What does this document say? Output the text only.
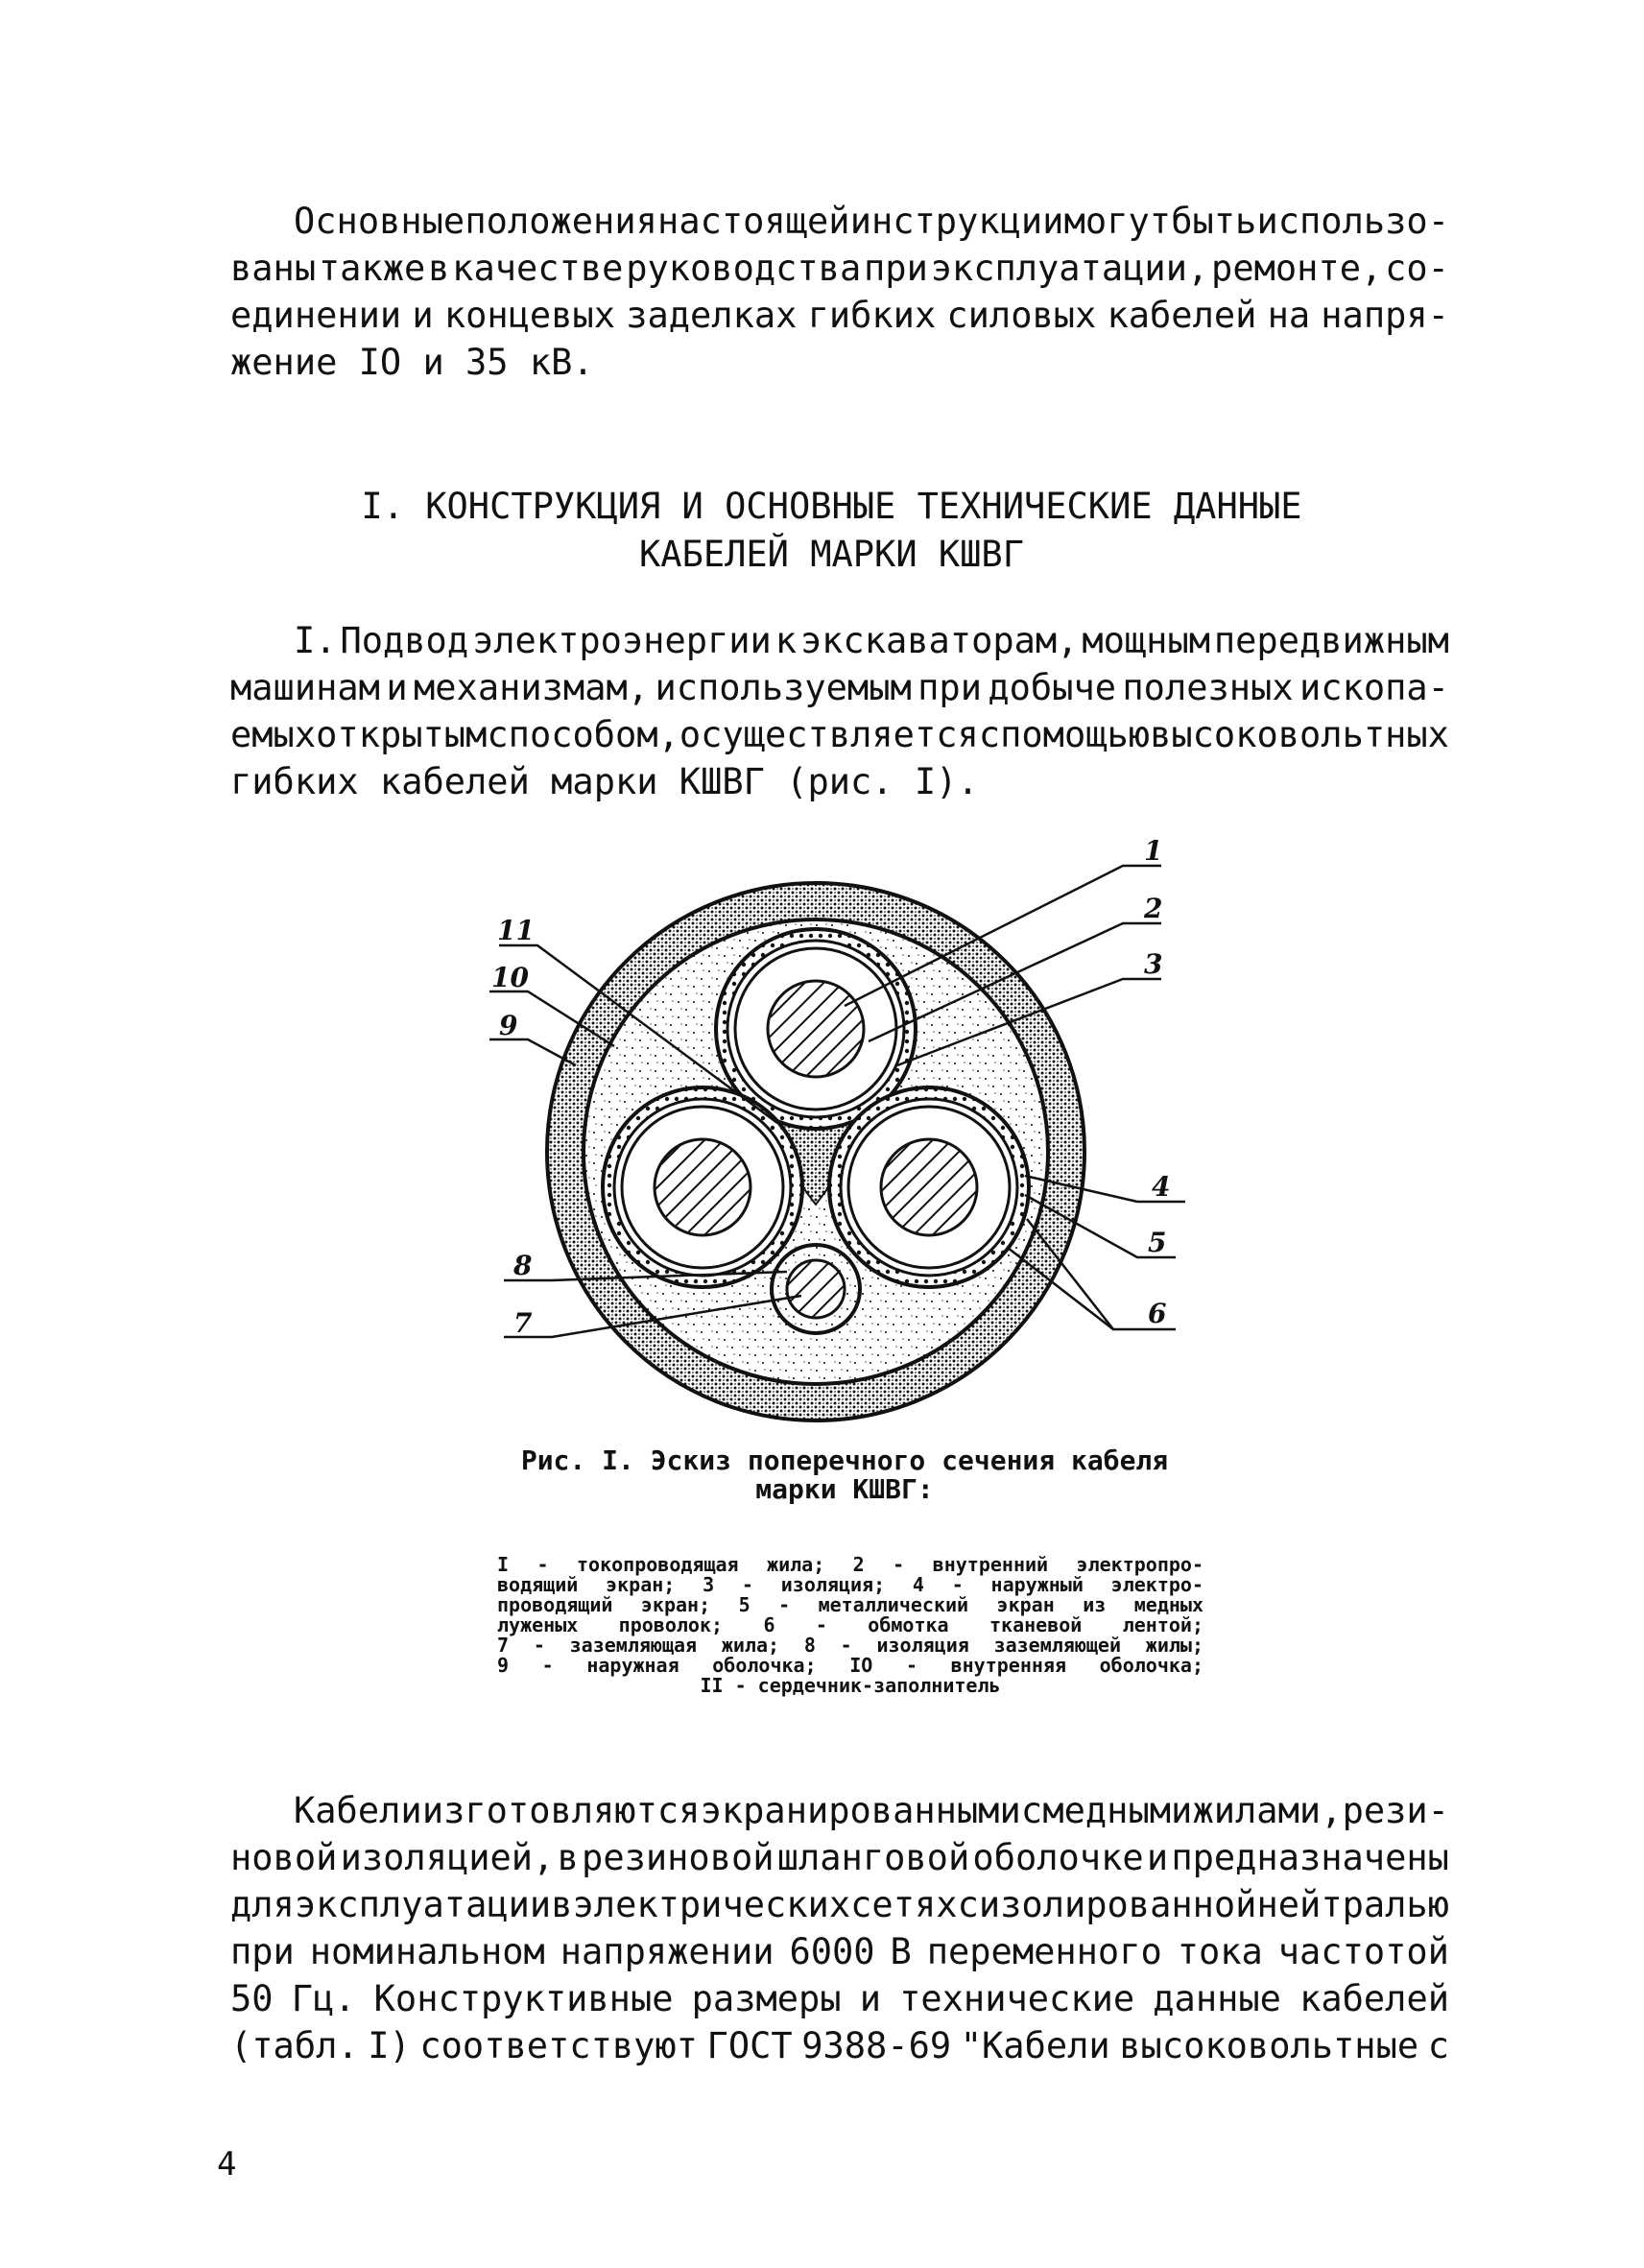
Основные положения настоящей инструкции могут быть использо-
ваны также в качестве руководства при эксплуатации, ремонте, со-
единении и концевых заделках гибких силовых кабелей на напря-
жение IO и 35 кВ.
I. КОНСТРУКЦИЯ И ОСНОВНЫЕ ТЕХНИЧЕСКИЕ ДАННЫЕ
КАБЕЛЕЙ МАРКИ КШВГ
I. Подвод электроэнергии к экскаваторам, мощным передвижным
машинам и механизмам, используемым при добыче полезных ископа-
емых открытым способом, осуществляется с помощью высоковольтных
гибких кабелей марки КШВГ (рис. I).
1
2
3
4
5
6
7
8
9
10
11
Рис. I. Эскиз поперечного сечения кабеля
марки КШВГ:
I - токопроводящая жила; 2 - внутренний электропро-
водящий экран; 3 - изоляция; 4 - наружный электро-
проводящий экран; 5 - металлический экран из медных
луженых проволок; 6 - обмотка тканевой лентой;
7 - заземляющая жила; 8 - изоляция заземляющей жилы;
9 - наружная оболочка; IO - внутренняя оболочка;
II - сердечник-заполнитель
Кабели изготовляются экранированными с медными жилами, рези-
новой изоляцией, в резиновой шланговой оболочке и предназначены
для эксплуатации в электрических сетях с изолированной нейтралью
при номинальном напряжении 6000 В переменного тока частотой
50 Гц. Конструктивные размеры и технические данные кабелей
(табл. I) соответствуют ГОСТ 9388-69 "Кабели высоковольтные с
4
